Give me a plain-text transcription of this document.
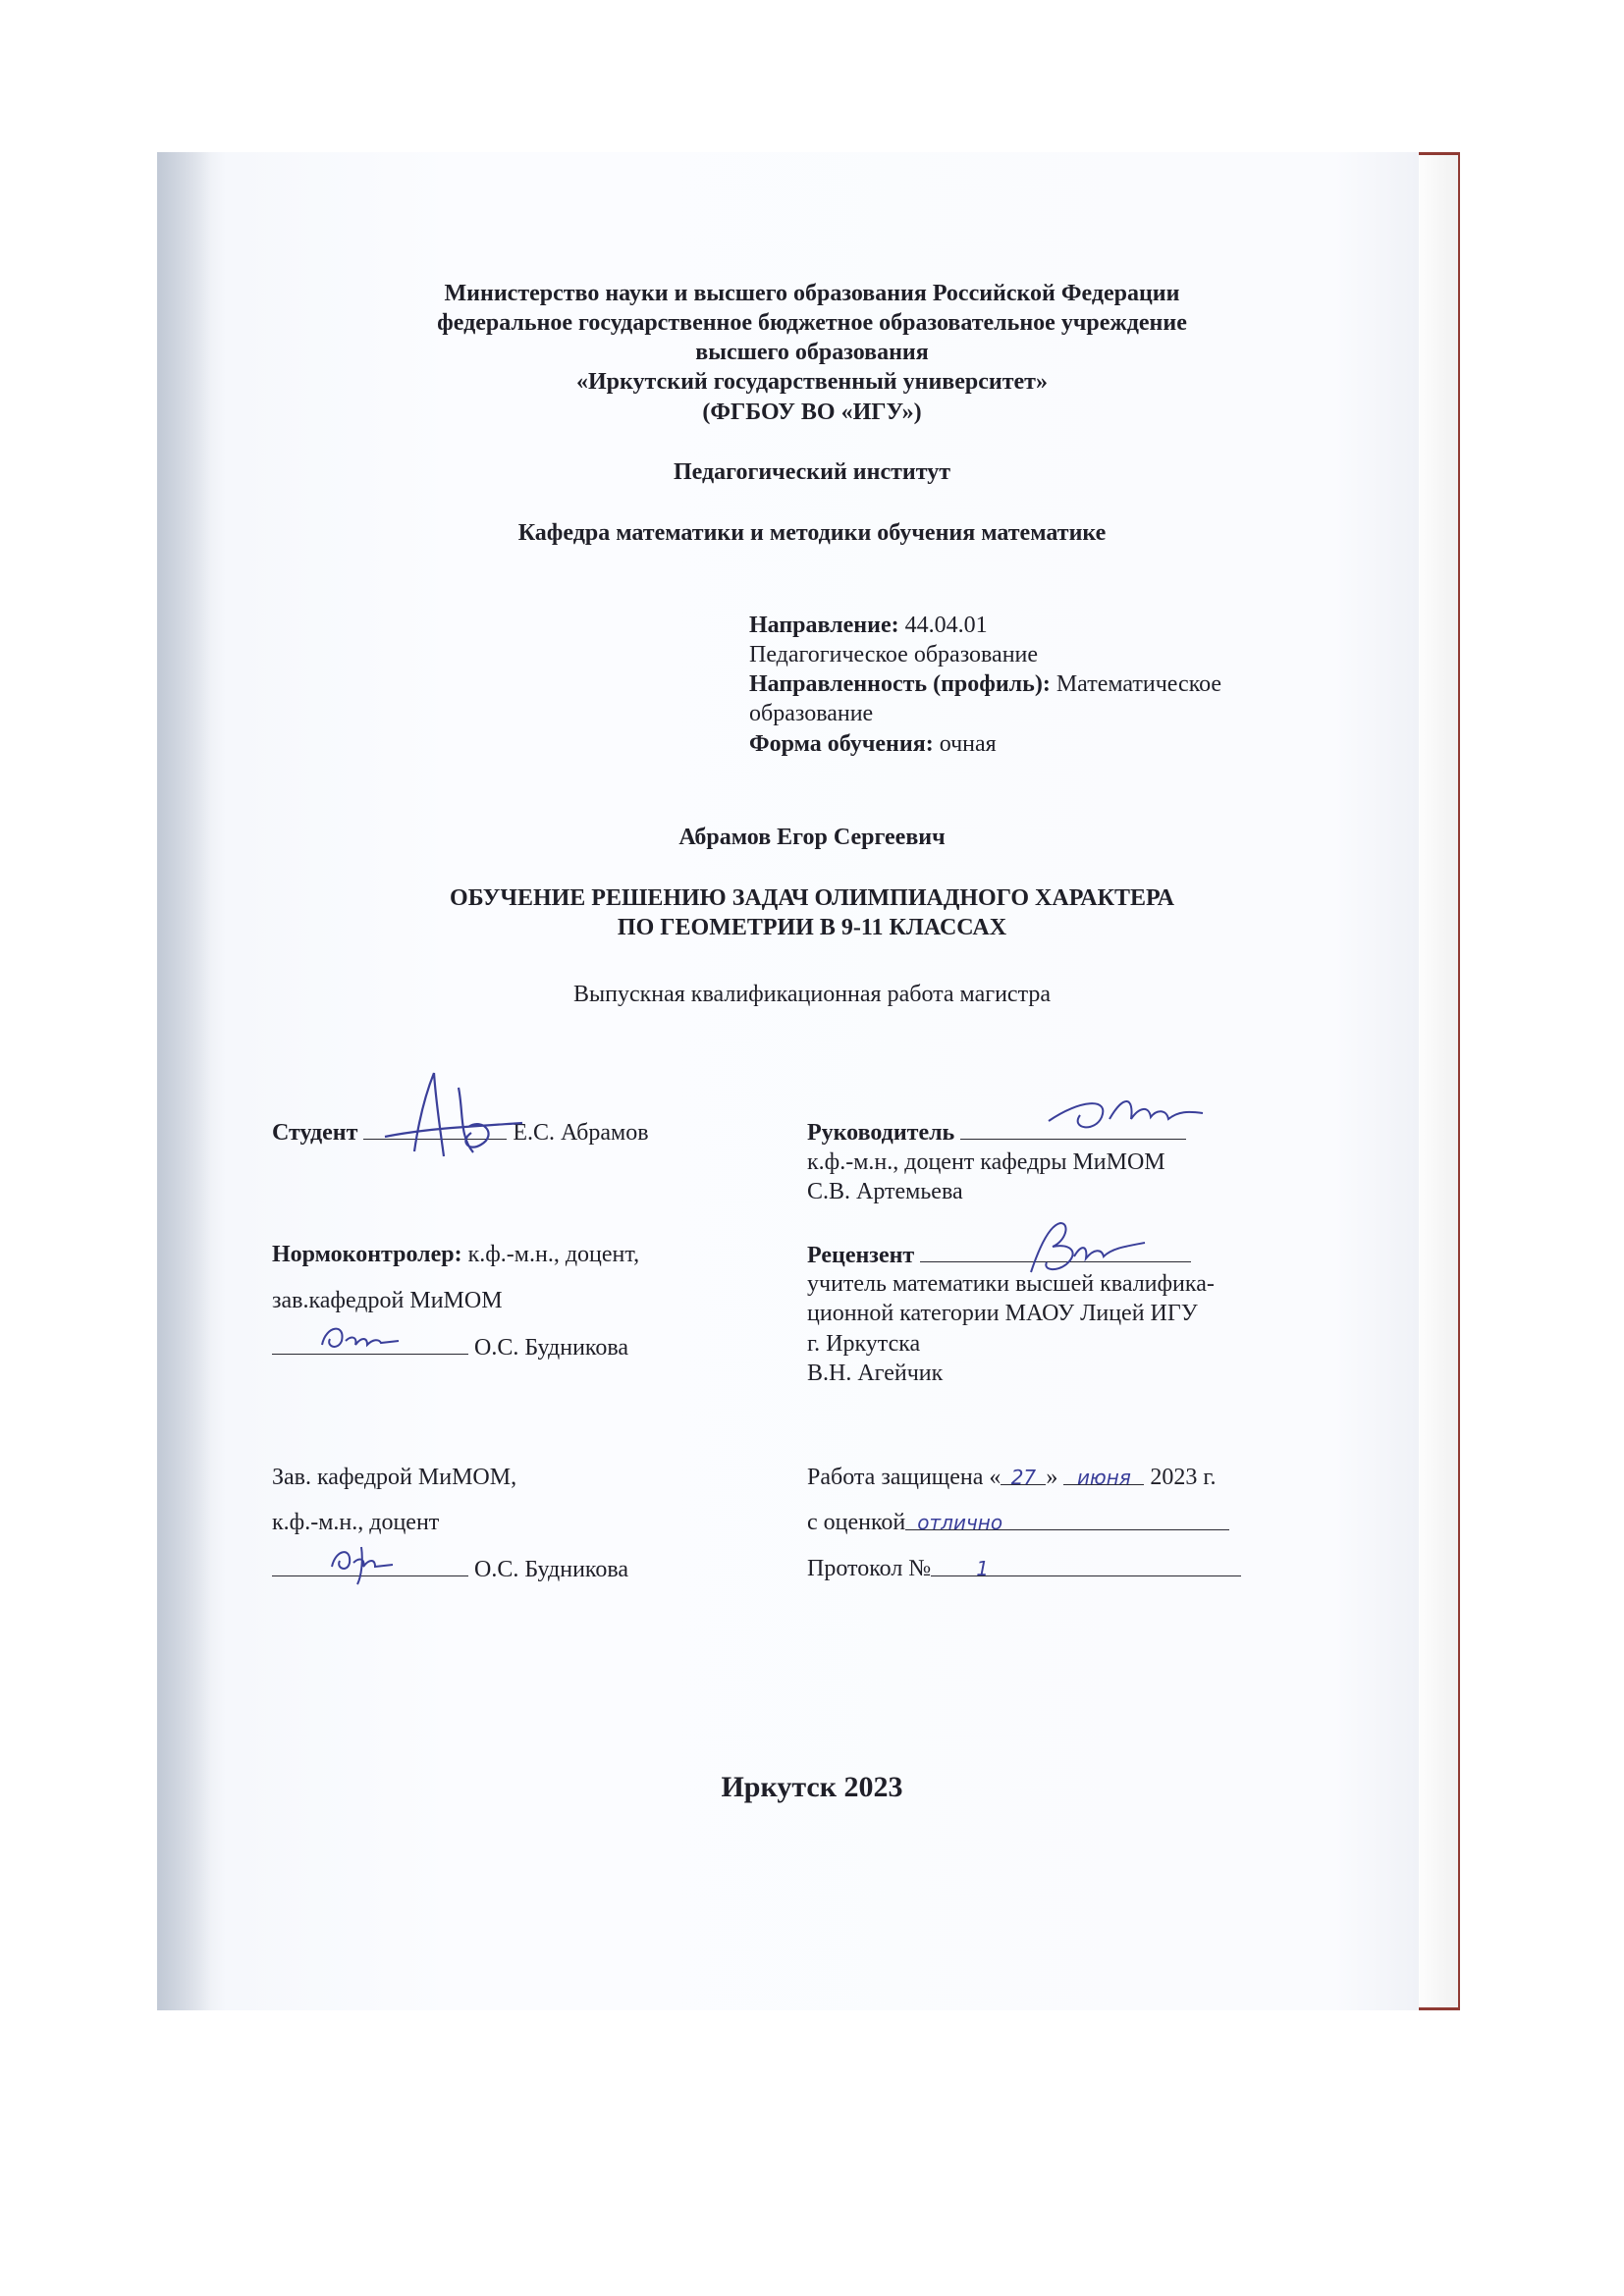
Министерство науки и высшего образования Российской Федерации
федеральное государственное бюджетное образовательное учреждение
высшего образования
«Иркутский государственный университет»
(ФГБОУ ВО «ИГУ»)
Педагогический институт
Кафедра математики и методики обучения математике
Направление: 44.04.01
Педагогическое образование
Направленность (профиль): Математическое
образование
Форма обучения: очная
Абрамов Егор Сергеевич
ОБУЧЕНИЕ РЕШЕНИЮ ЗАДАЧ ОЛИМПИАДНОГО ХАРАКТЕРА
ПО ГЕОМЕТРИИ В 9-11 КЛАССАХ
Выпускная квалификационная работа магистра
Студент	Е.С. Абрамов	Руководитель
к.ф.-м.н., доцент кафедры МиМОМ
С.В. Артемьева
Нормоконтролер: к.ф.-м.н., доцент,
зав.кафедрой МиМОМ
О.С. Будникова
Рецензент
учитель математики высшей квалифика-
ционной категории МАОУ Лицей ИГУ
г. Иркутска
В.Н. Агейчик
Зав. кафедрой МиМОМ,
к.ф.-м.н., доцент
О.С. Будникова
Работа защищена « 27 » июня 2023 г.
с оценкой отлично
Протокол № 1
Иркутск 2023
